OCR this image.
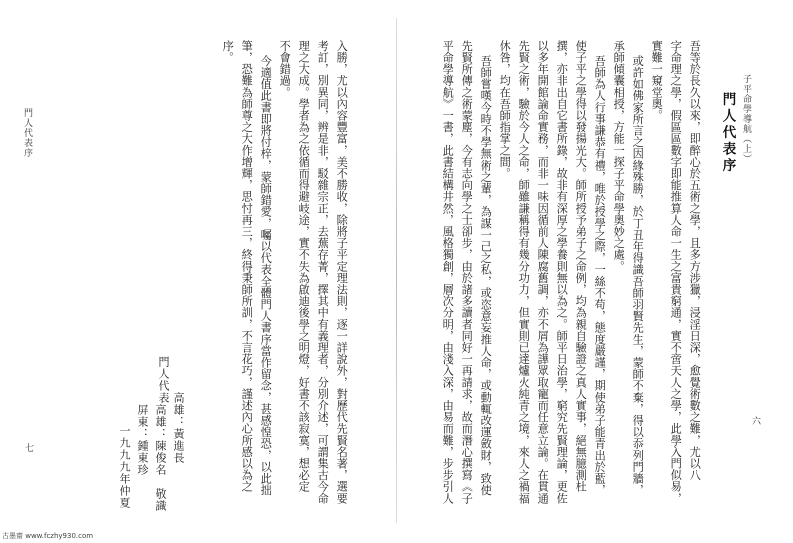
子平命學導航（上）
六
門人代表序
吾等於長久以來，即醉心於五術之學，且多方涉獵，浸淫日深，愈覺術數之難，尤以八
字命理之學，假區區數字即能推算人命一生之富貴窮通，實不啻天人之學，此學入門似易，
實難一窺堂奧。
或許如佛家所言之因緣殊勝，於丁丑年得識吾師羽賢先生，蒙師不棄，得以忝列門牆，
承師傾囊相授，方能一探子平命學奧妙之處。
吾師為人行事謙恭有禮，唯於授學之際，一絲不苟，態度嚴謹，期使弟子能青出於藍，
使子平之學得以發揚光大。師所授予弟子之命例，均為親自驗證之真人實事，絕無臆測杜
撰，亦非出自它書所錄，故非有深厚之學養則無以為之。師平日治學，窮究先賢理論，更佐
以多年開館論命實務，而非一味因循前人陳腐舊調，亦不屑為譁眾取寵而任意立論。在貫通
先賢之術，驗於今人之命，師雖謙稱得有幾分功力，但實則已達爐火純青之境，來人之禍福
休咎，均在吾師指掌之間。
吾師嘗嘆今時不學無術之輩，為謀一己之私，或恣意妄推人命，或動輒改運斂財，致使
先賢所傳之術蒙塵，今有志向學之士卻步，由於諸多讀者同好一再請求，故而潛心撰寫《子
平命學導航》一書，此書結構井然，風格獨創，層次分明，由淺入深，由易而難，步步引人
入勝，尤以內容豐富，美不勝收，除將子平定理法則，逐一詳說外，對歷代先賢名著，選要
考訂，別異同，辨是非，駁雜宗正，去蕪存菁，擇其中有義理者，分別介述，可謂集古今命
理之大成。學者為之依循而得避岐途，實不失為啟迪後學之明燈，好書不該寂寞，想必定
不會錯過。
今適值此書即將付梓，蒙師錯愛，囑以代表全體門人書序當作留念，甚感惶恐，以此拙
筆，恐難為師尊之大作增輝，思忖再三，終得秉師所訓，不言花巧，謹述內心所感以為之
序。
門人代表
高雄：黃進長
高雄：陳俊名　敬識
屏東：鍾東珍
一九九九年仲夏
門人代表序
七
古墨齋 www.fczhy930.com
